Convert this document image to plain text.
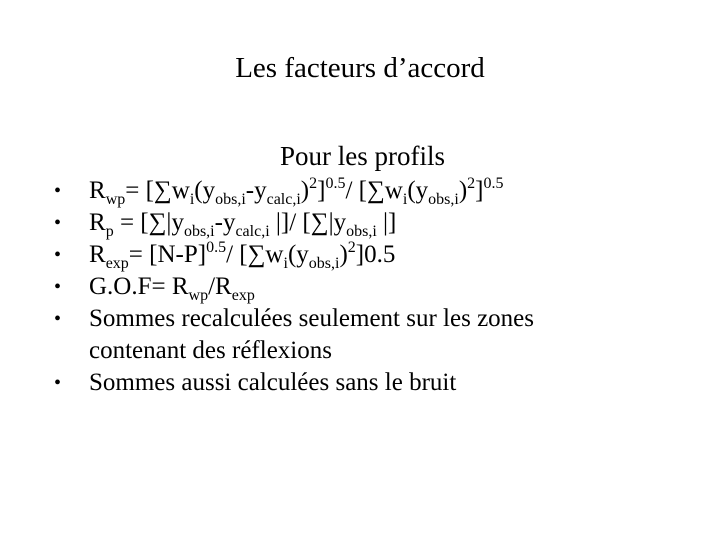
Les facteurs d’accord
Pour les profils
• $R_{wp}= [\sum w_i(y_{obs,i}-y_{calc,i})^2]^{0.5}/$ $[\sum w_i(y_{obs,i})^2]^{0.5}$
• $R_p = [\sum|y_{obs,i}-y_{calc,i}$ |]/ [$\sum|y_{obs,i}$ |]
• $R_{exp}= [N-P]^{0.5}/$ $[\sum w_i(y_{obs,i})^2]0.5$
• $G.O.F= R_{wp}/R_{exp}$
• Sommes recalculées seulement sur les zones
contenant des réflexions
• Sommes aussi calculées sans le bruit
